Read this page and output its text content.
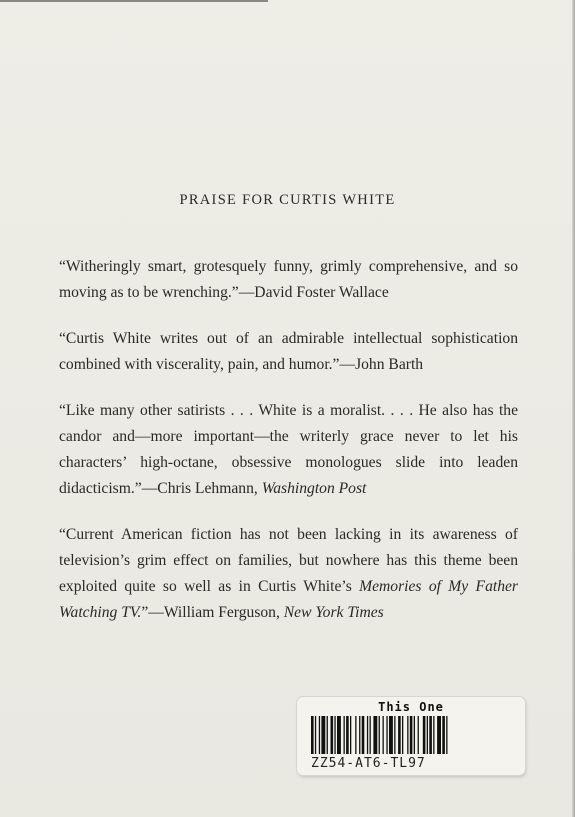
PRAISE FOR CURTIS WHITE

“Witheringly smart, grotesquely funny, grimly comprehensive, and so moving as to be wrenching.”—David Foster Wallace

“Curtis White writes out of an admirable intellectual sophistication combined with viscerality, pain, and humor.”—John Barth

“Like many other satirists . . . White is a moralist. . . . He also has the candor and—more important—the writerly grace never to let his characters’ high-octane, obsessive monologues slide into leaden didacticism.”—Chris Lehmann, Washington Post

“Current American fiction has not been lacking in its awareness of television’s grim effect on families, but nowhere has this theme been exploited quite so well as in Curtis White’s Memories of My Father Watching TV.”—William Ferguson, New York Times

This One
ZZ54-AT6-TL97
